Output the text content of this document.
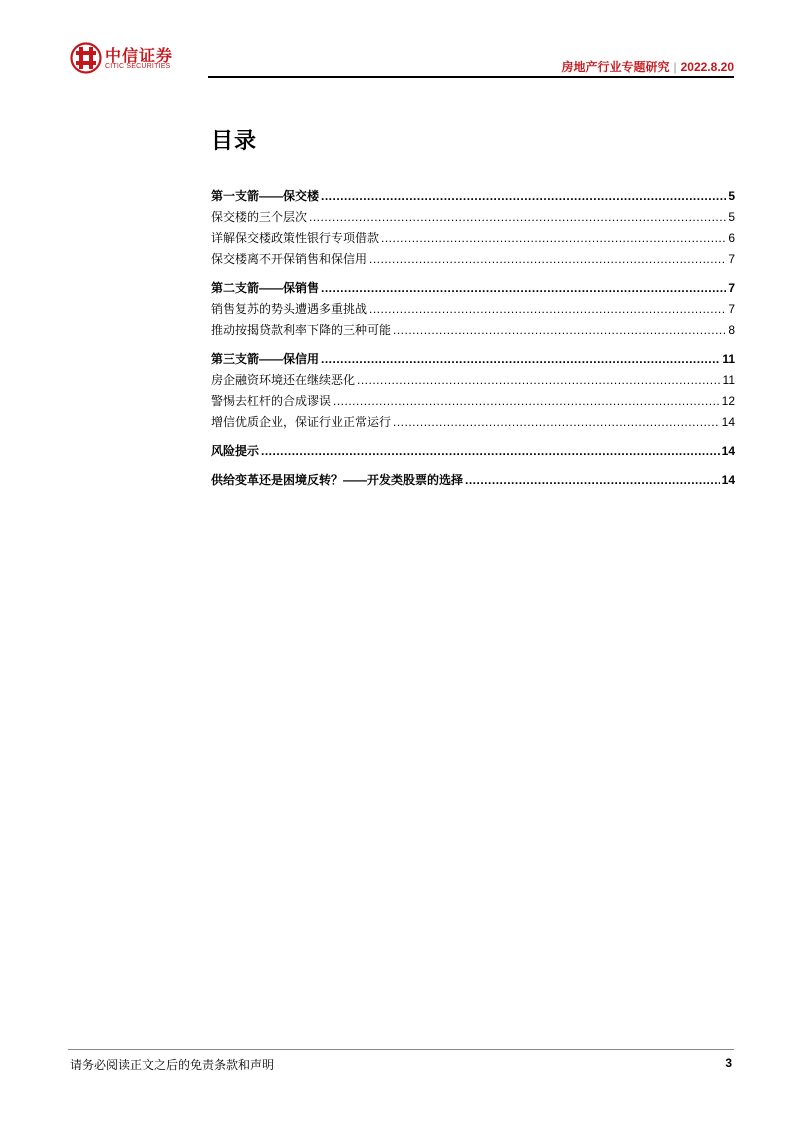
中信证券
CITIC SECURITIES	房地产行业专题研究 | 2022.8.20
目录
第一支箭——保交楼 .....	5
保交楼的三个层次 .....	5
详解保交楼政策性银行专项借款 .....	6
保交楼离不开保销售和保信用 .....	7
第二支箭——保销售 .....	7
销售复苏的势头遭遇多重挑战 .....	7
推动按揭贷款利率下降的三种可能 .....	8
第三支箭——保信用 .....	11
房企融资环境还在继续恶化 .....	11
警惕去杠杆的合成谬误 .....	12
增信优质企业，保证行业正常运行 .....	14
风险提示 .....	14
供给变革还是困境反转？——开发类股票的选择 .....	14
请务必阅读正文之后的免责条款和声明	3
